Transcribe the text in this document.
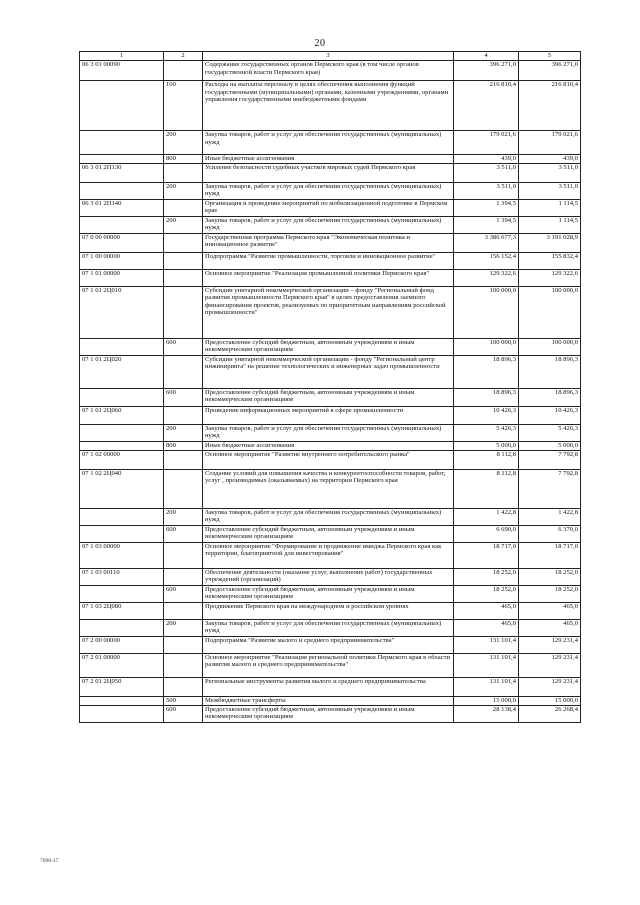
20
1	2	3	4	5
06 3 01 00090		Содержание государственных органов Пермского края (в том числе органов государственной власти Пермского края)	396 271,0	396 271,0
	100	Расходы на выплаты персоналу в целях обеспечения выполнения функций государственными (муниципальными) органами, казенными учреждениями, органами управления государственными внебюджетными фондами	216 810,4	216 810,4
	200	Закупка товаров, работ и услуг для обеспечения государственных (муниципальных) нужд	179 021,6	179 021,6
	800	Иные бюджетные ассигнования	439,0	439,0
06 3 01 2П130		Усиление безопасности судебных участков мировых судей Пермского края	3 511,0	3 511,0
	200	Закупка товаров, работ и услуг для обеспечения государственных (муниципальных) нужд	3 511,0	3 511,0
06 3 01 2П140		Организация и проведение мероприятий по мобилизационной подготовке в Пермском крае	1 394,5	1 114,5
	200	Закупка товаров, работ и услуг для обеспечения государственных (муниципальных) нужд	1 394,5	1 114,5
07 0 00 00000		Государственная программа Пермского края "Экономическая политика и инновационное развитие"	3 386 677,3	3 191 028,9
07 1 00 00000		Подпрограмма "Развитие промышленности, торговли и инновационное развитие"	156 152,4	155 832,4
07 1 01 00000		Основное мероприятие "Реализация промышленной политики Пермского края"	129 322,6	129 322,6
07 1 01 2Ц010		Субсидии унитарной некоммерческой организации – фонду "Региональный фонд развития промышленности Пермского края" в целях предоставления заемного финансирования проектов, реализуемых по приоритетным направлениям российской промышленности"	100 000,0	100 000,0
	600	Предоставление субсидий бюджетным, автономным учреждениям и иным некоммерческим организациям	100 000,0	100 000,0
07 1 01 2Ц020		Субсидии унитарной некоммерческой организации - фонду "Региональный центр инжиниринга" на решение технологических и инженерных задач промышленности	18 896,3	18 896,3
	600	Предоставление субсидий бюджетным, автономным учреждениям и иным некоммерческим организациям	18 896,3	18 896,3
07 1 01 2Ц060		Проведение информационных мероприятий в сфере промышленности	10 426,3	10 426,3
	200	Закупка товаров, работ и услуг для обеспечения государственных (муниципальных) нужд	5 426,3	5 426,3
	800	Иные бюджетные ассигнования	5 000,0	5 000,0
07 1 02 00000		Основное мероприятие "Развитие внутреннего потребительского рынка"	8 112,8	7 792,8
07 1 02 2Ц040		Создание условий для повышения качества и конкурентоспособности товаров, работ, услуг , производимых (оказываемых) на территории Пермского края	8 112,8	7 792,8
	200	Закупка товаров, работ и услуг для обеспечения государственных (муниципальных) нужд	1 422,8	1 422,8
	600	Предоставление субсидий бюджетным, автономным учреждениям и иным некоммерческим организациям	6 690,0	6 370,0
07 1 03 00000		Основное мероприятие "Формирование и продвижение имиджа Пермского края как территории, благоприятной для инвестирования"	18 717,0	18 717,0
07 1 03 00110		Обеспечение деятельности (оказание услуг, выполнение работ) государственных учреждений (организаций)	18 252,0	18 252,0
	600	Предоставление субсидий бюджетным, автономным учреждениям и иным некоммерческим организациям	18 252,0	18 252,0
07 1 03 2Ц080		Продвижение Пермского края на международном и российском уровнях	465,0	465,0
	200	Закупка товаров, работ и услуг для обеспечения государственных (муниципальных) нужд	465,0	465,0
07 2 00 00000		Подпрограмма "Развитие малого и среднего предпринимательства"	131 101,4	129 231,4
07 2 01 00000		Основное мероприятие "Реализация региональной политики Пермского края в области развития малого и среднего предпринимательства"	131 101,4	129 231,4
07 2 01 2Ц050		Региональные инструменты развития малого и среднего предпринимательства	131 101,4	129 231,4
	500	Межбюджетные трансферты	15 000,0	15 000,0
	600	Предоставление субсидий бюджетным, автономным учреждениям и иным некоммерческим организациям	28 138,4	26 268,4
7698-17
